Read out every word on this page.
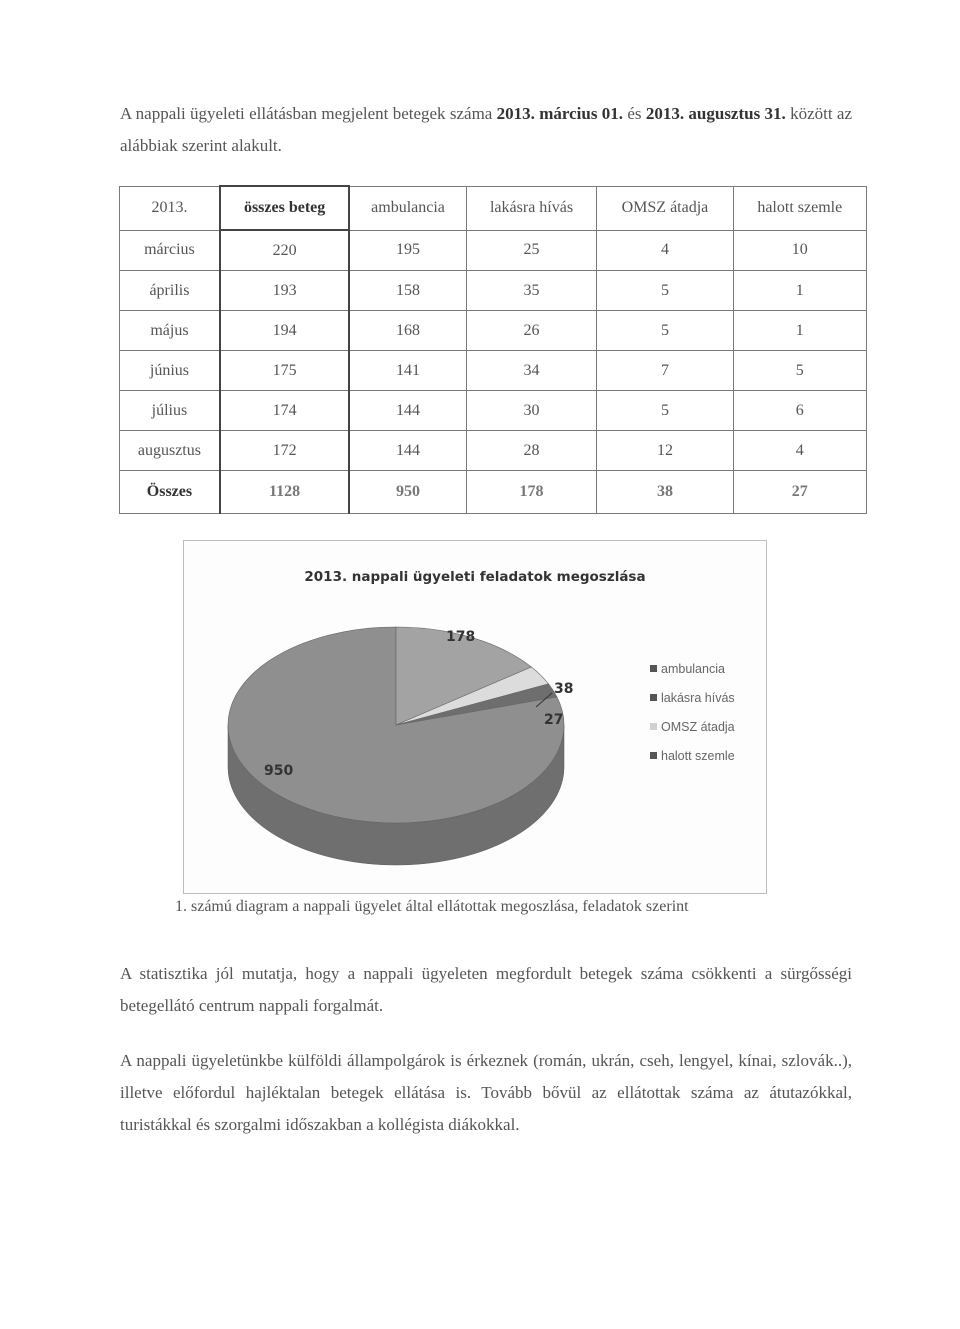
A nappali ügyeleti ellátásban megjelent betegek száma 2013. március 01. és 2013. augusztus 31. között az alábbiak szerint alakult.

2013.	összes beteg	ambulancia	lakásra hívás	OMSZ átadja	halott szemle
március	220	195	25	4	10
április	193	158	35	5	1
május	194	168	26	5	1
június	175	141	34	7	5
július	174	144	30	5	6
augusztus	172	144	28	12	4
Összes	1128	950	178	38	27
2013. nappali ügyeleti feladatok megoszlása
950
178
38
27
ambulancia
lakásra hívás
OMSZ átadja
halott szemle

1. számú diagram a nappali ügyelet által ellátottak megoszlása, feladatok szerint

A statisztika jól mutatja, hogy a nappali ügyeleten megfordult betegek száma csökkenti a sürgősségi betegellátó centrum nappali forgalmát.

A nappali ügyeletünkbe külföldi állampolgárok is érkeznek (román, ukrán, cseh, lengyel, kínai, szlovák..), illetve előfordul hajléktalan betegek ellátása is. Tovább bővül az ellátottak száma az átutazókkal, turistákkal és szorgalmi időszakban a kollégista diákokkal.
